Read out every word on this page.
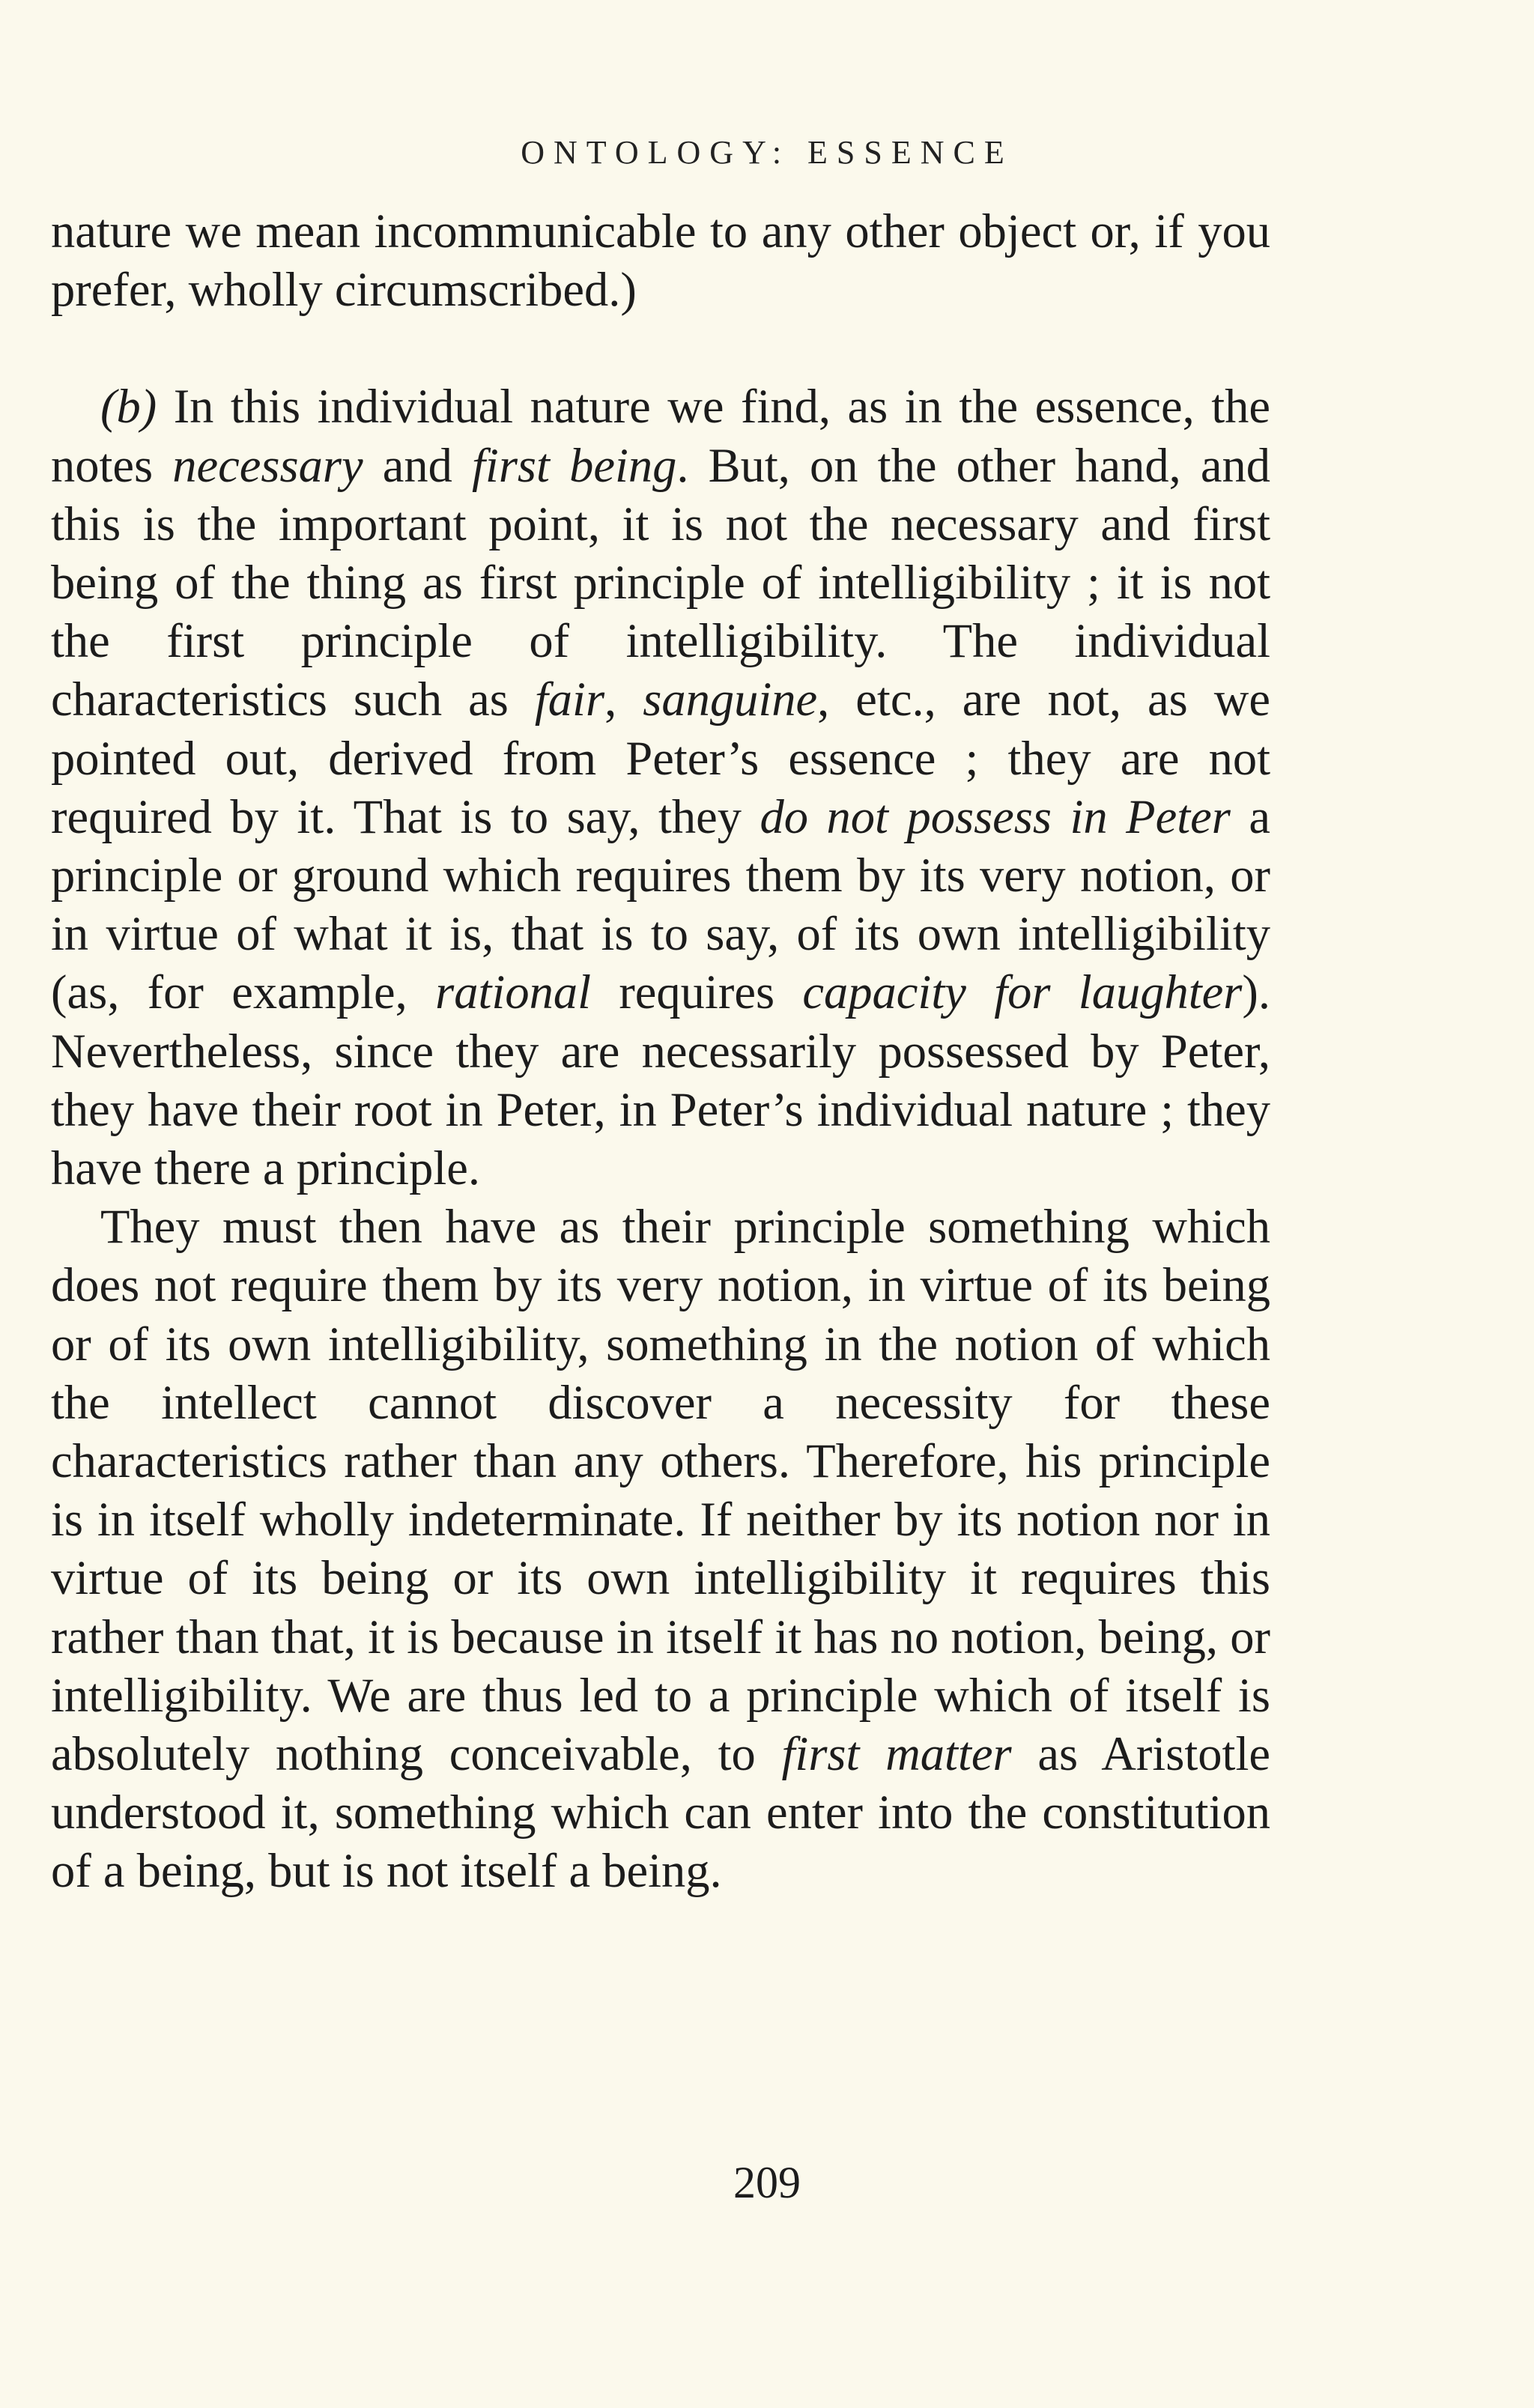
ONTOLOGY: ESSENCE

nature we mean incommunicable to any other object or, if you prefer, wholly circumscribed.)

(b) In this individual nature we find, as in the essence, the notes necessary and first being. But, on the other hand, and this is the important point, it is not the necessary and first being of the thing as first principle of intelligibility ; it is not the first principle of intelligibility. The individual characteristics such as fair, sanguine, etc., are not, as we pointed out, derived from Peter’s essence ; they are not required by it. That is to say, they do not possess in Peter a principle or ground which requires them by its very notion, or in virtue of what it is, that is to say, of its own intelligibility (as, for example, rational requires capacity for laughter). Nevertheless, since they are necessarily possessed by Peter, they have their root in Peter, in Peter’s individual nature ; they have there a principle.

They must then have as their principle something which does not require them by its very notion, in virtue of its being or of its own intelligibility, something in the notion of which the intellect cannot discover a necessity for these characteristics rather than any others. Therefore, his principle is in itself wholly indeterminate. If neither by its notion nor in virtue of its being or its own intelligibility it requires this rather than that, it is because in itself it has no notion, being, or intelligibility. We are thus led to a principle which of itself is absolutely nothing conceivable, to first matter as Aristotle understood it, something which can enter into the constitution of a being, but is not itself a being.

209
